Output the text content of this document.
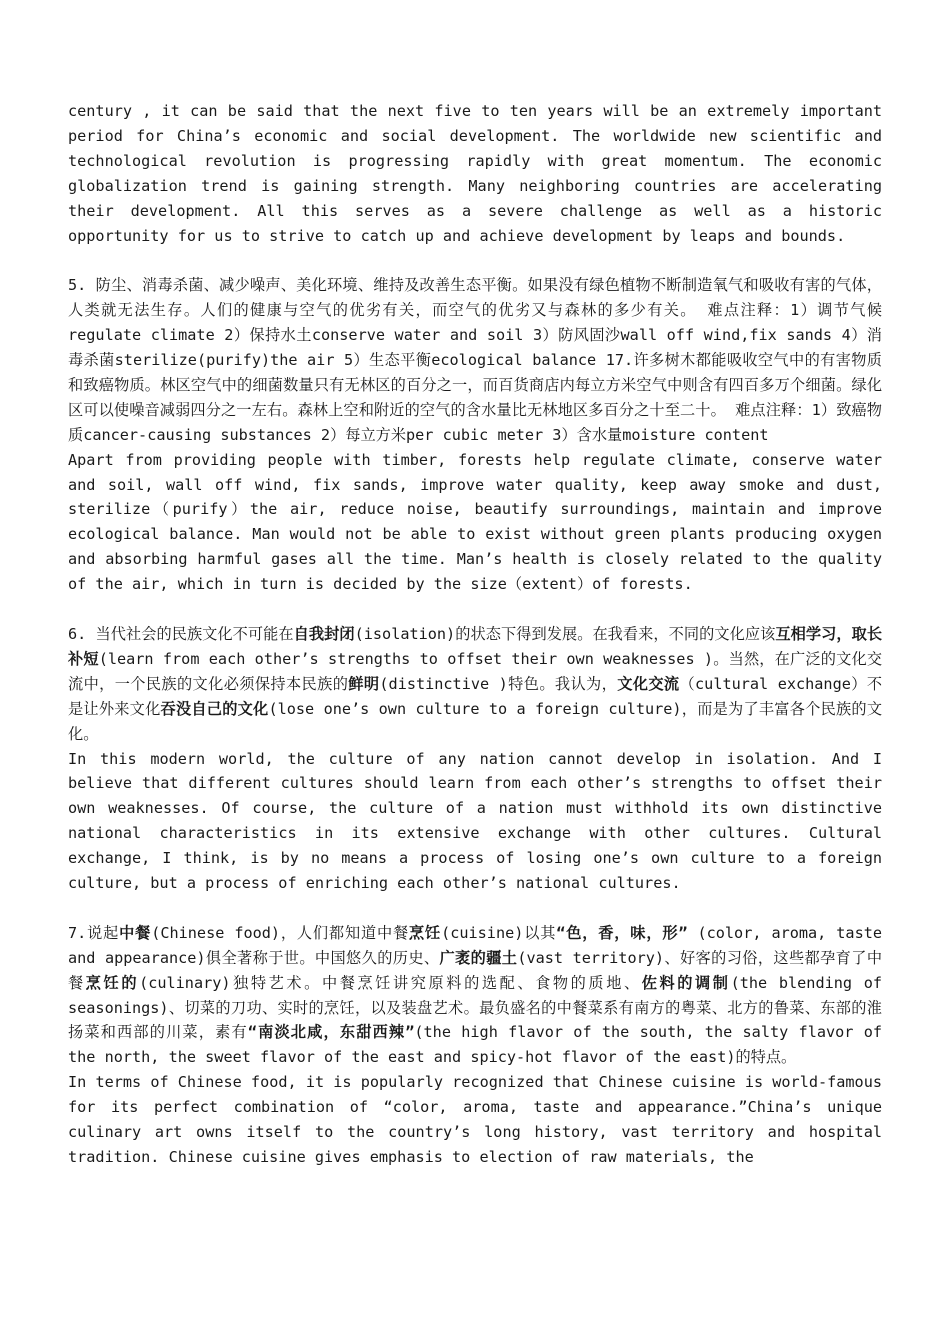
century , it can be said that the next five to ten years will be an extremely important period for China’s economic and social development. The worldwide new scientific and technological revolution is progressing rapidly with great momentum. The economic globalization trend is gaining strength. Many neighboring countries are accelerating their development. All this serves as a severe challenge as well as a historic opportunity for us to strive to catch up and achieve development by leaps and bounds.

5. 防尘、消毒杀菌、减少噪声、美化环境、维持及改善生态平衡。如果没有绿色植物不断制造氧气和吸收有害的气体，人类就无法生存。人们的健康与空气的优劣有关，而空气的优劣又与森林的多少有关。 难点注释：1）调节气候regulate climate 2）保持水土conserve water and soil 3）防风固沙wall off wind,fix sands 4）消毒杀菌sterilize(purify)the air 5）生态平衡ecological balance 17.许多树木都能吸收空气中的有害物质和致癌物质。林区空气中的细菌数量只有无林区的百分之一，而百货商店内每立方米空气中则含有四百多万个细菌。绿化区可以使噪音减弱四分之一左右。森林上空和附近的空气的含水量比无林地区多百分之十至二十。 难点注释：1）致癌物质cancer-causing substances 2）每立方米per cubic meter 3）含水量moisture content

Apart from providing people with timber, forests help regulate climate, conserve water and soil, wall off wind, fix sands, improve water quality, keep away smoke and dust, sterilize（purify）the air, reduce noise, beautify surroundings, maintain and improve ecological balance. Man would not be able to exist without green plants producing oxygen and absorbing harmful gases all the time. Man’s health is closely related to the quality of the air, which in turn is decided by the size（extent）of forests.

6. 当代社会的民族文化不可能在自我封闭(isolation)的状态下得到发展。在我看来，不同的文化应该互相学习，取长补短(learn from each other’s strengths to offset their own weaknesses )。当然，在广泛的文化交流中，一个民族的文化必须保持本民族的鲜明(distinctive )特色。我认为，文化交流（cultural exchange）不是让外来文化吞没自己的文化(lose one’s own culture to a foreign culture)，而是为了丰富各个民族的文化。

In this modern world, the culture of any nation cannot develop in isolation. And I believe that different cultures should learn from each other’s strengths to offset their own weaknesses. Of course, the culture of a nation must withhold its own distinctive national characteristics in its extensive exchange with other cultures. Cultural exchange, I think, is by no means a process of losing one’s own culture to a foreign culture, but a process of enriching each other’s national cultures.

7.说起中餐(Chinese food)，人们都知道中餐烹饪(cuisine)以其“色，香，味，形” (color, aroma, taste and appearance)俱全著称于世。中国悠久的历史、广袤的疆土(vast territory)、好客的习俗，这些都孕育了中餐烹饪的(culinary)独特艺术。中餐烹饪讲究原料的选配、食物的质地、佐料的调制(the blending of seasonings)、切菜的刀功、实时的烹饪，以及装盘艺术。最负盛名的中餐菜系有南方的粤菜、北方的鲁菜、东部的淮扬菜和西部的川菜，素有“南淡北咸，东甜西辣”(the high flavor of the south, the salty flavor of the north, the sweet flavor of the east and spicy-hot flavor of the east)的特点。

In terms of Chinese food, it is popularly recognized that Chinese cuisine is world-famous for its perfect combination of “color, aroma, taste and appearance.”China’s unique culinary art owns itself to the country’s long history, vast territory and hospital tradition. Chinese cuisine gives emphasis to election of raw materials, the
